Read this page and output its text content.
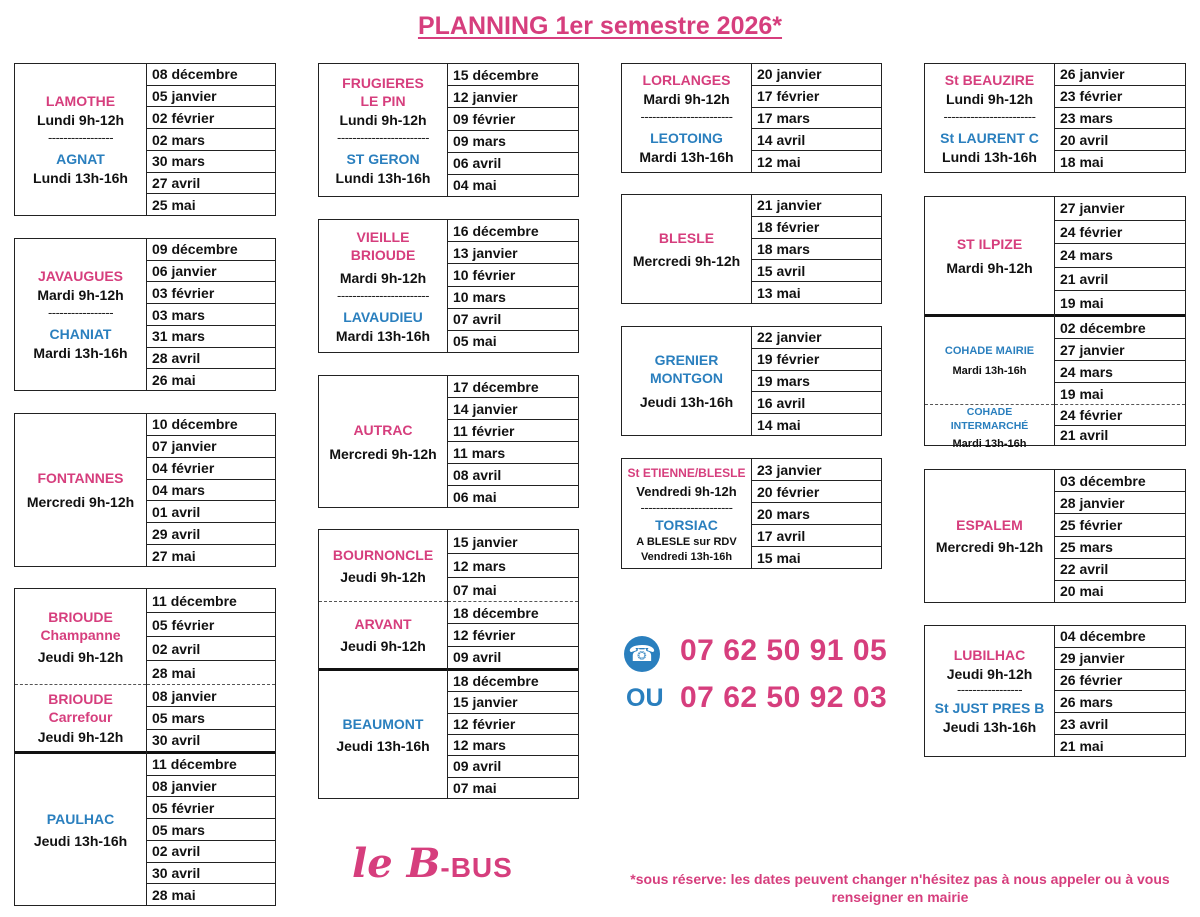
PLANNING 1er semestre 2026*
LAMOTHE
Lundi 9h-12h
-----------------
AGNAT
Lundi 13h-16h
08 décembre
05 janvier
02 février
02 mars
30 mars
27 avril
25 mai
JAVAUGUES
Mardi 9h-12h
-----------------
CHANIAT
Mardi 13h-16h
09 décembre
06 janvier
03 février
03 mars
31 mars
28 avril
26 mai
FONTANNES
Mercredi 9h-12h
10 décembre
07 janvier
04 février
04 mars
01 avril
29 avril
27 mai
BRIOUDE
Champanne
Jeudi 9h-12h
BRIOUDE
Carrefour
Jeudi 9h-12h
PAULHAC
Jeudi 13h-16h
11 décembre
05 février
02 avril
28 mai
08 janvier
05 mars
30 avril
11 décembre
08 janvier
05 février
05 mars
02 avril
30 avril
28 mai
FRUGIERES
LE PIN
Lundi 9h-12h
------------------------
ST GERON
Lundi 13h-16h
15 décembre
12 janvier
09 février
09 mars
06 avril
04 mai
VIEILLE BRIOUDE
Mardi 9h-12h
------------------------
LAVAUDIEU
Mardi 13h-16h
16 décembre
13 janvier
10 février
10 mars
07 avril
05 mai
AUTRAC
Mercredi 9h-12h
17 décembre
14 janvier
11 février
11 mars
08 avril
06 mai
BOURNONCLE
Jeudi 9h-12h
ARVANT
Jeudi 9h-12h
BEAUMONT
Jeudi 13h-16h
15 janvier
12 mars
07 mai
18 décembre
12 février
09 avril
18 décembre
15 janvier
12 février
12 mars
09 avril
07 mai
LORLANGES
Mardi 9h-12h
------------------------
LEOTOING
Mardi 13h-16h
20 janvier
17 février
17 mars
14 avril
12 mai
BLESLE
Mercredi 9h-12h
21 janvier
18 février
18 mars
15 avril
13 mai
GRENIER
MONTGON
Jeudi 13h-16h
22 janvier
19 février
19 mars
16 avril
14 mai
St ETIENNE/BLESLE
Vendredi 9h-12h
------------------------
TORSIAC
A BLESLE sur RDV
Vendredi 13h-16h
23 janvier
20 février
20 mars
17 avril
15 mai
☎ 07 62 50 91 05
OU 07 62 50 92 03
St BEAUZIRE
Lundi 9h-12h
------------------------
St LAURENT C
Lundi 13h-16h
26 janvier
23 février
23 mars
20 avril
18 mai
ST ILPIZE
Mardi 9h-12h
COHADE MAIRIE
Mardi 13h-16h
COHADE INTERMARCHÉ
Mardi 13h-16h
27 janvier
24 février
24 mars
21 avril
19 mai
02 décembre
27 janvier
24 mars
19 mai
24 février
21 avril
ESPALEM
Mercredi 9h-12h
03 décembre
28 janvier
25 février
25 mars
22 avril
20 mai
LUBILHAC
Jeudi 9h-12h
-----------------
St JUST PRES B
Jeudi 13h-16h
04 décembre
29 janvier
26 février
26 mars
23 avril
21 mai
le B-BUS	*sous réserve: les dates peuvent changer n'hésitez pas à nous appeler ou à vous renseigner en mairie
